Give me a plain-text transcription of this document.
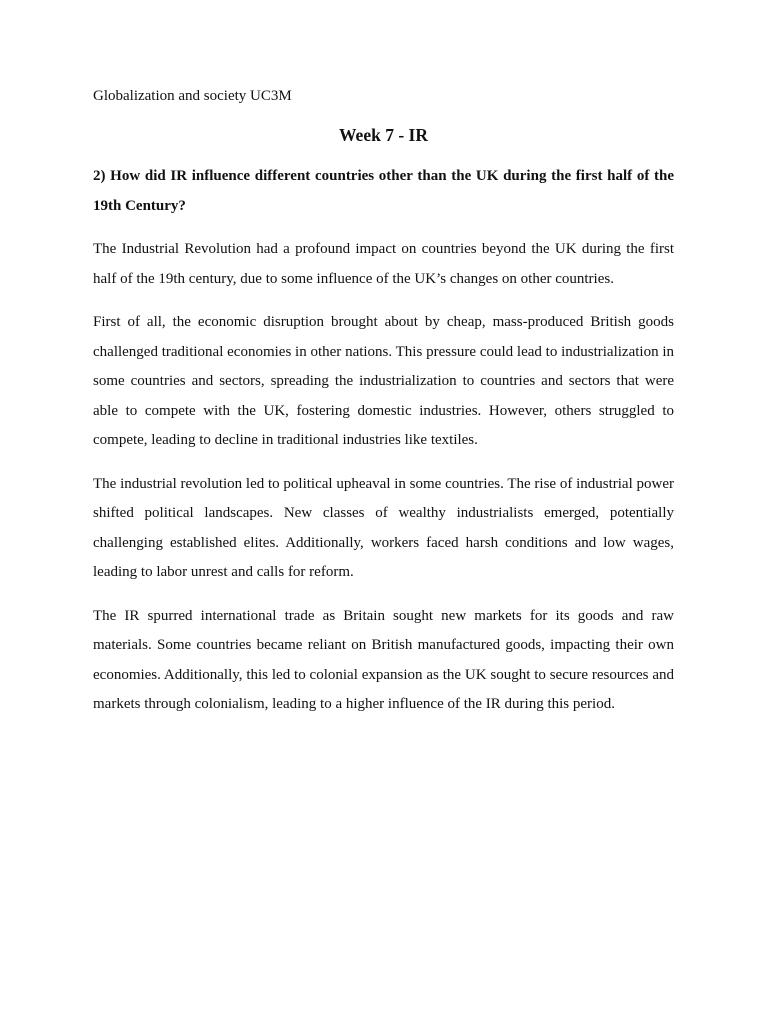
Globalization and society UC3M

Week 7 - IR

2) How did IR influence different countries other than the UK during the first half of the 19th Century?

The Industrial Revolution had a profound impact on countries beyond the UK during the first half of the 19th century, due to some influence of the UK’s changes on other countries.

First of all, the economic disruption brought about by cheap, mass-produced British goods challenged traditional economies in other nations. This pressure could lead to industrialization in some countries and sectors, spreading the industrialization to countries and sectors that were able to compete with the UK, fostering domestic industries. However, others struggled to compete, leading to decline in traditional industries like textiles.

The industrial revolution led to political upheaval in some countries. The rise of industrial power shifted political landscapes. New classes of wealthy industrialists emerged, potentially challenging established elites. Additionally, workers faced harsh conditions and low wages, leading to labor unrest and calls for reform.

The IR spurred international trade as Britain sought new markets for its goods and raw materials. Some countries became reliant on British manufactured goods, impacting their own economies. Additionally, this led to colonial expansion as the UK sought to secure resources and markets through colonialism, leading to a higher influence of the IR during this period.
